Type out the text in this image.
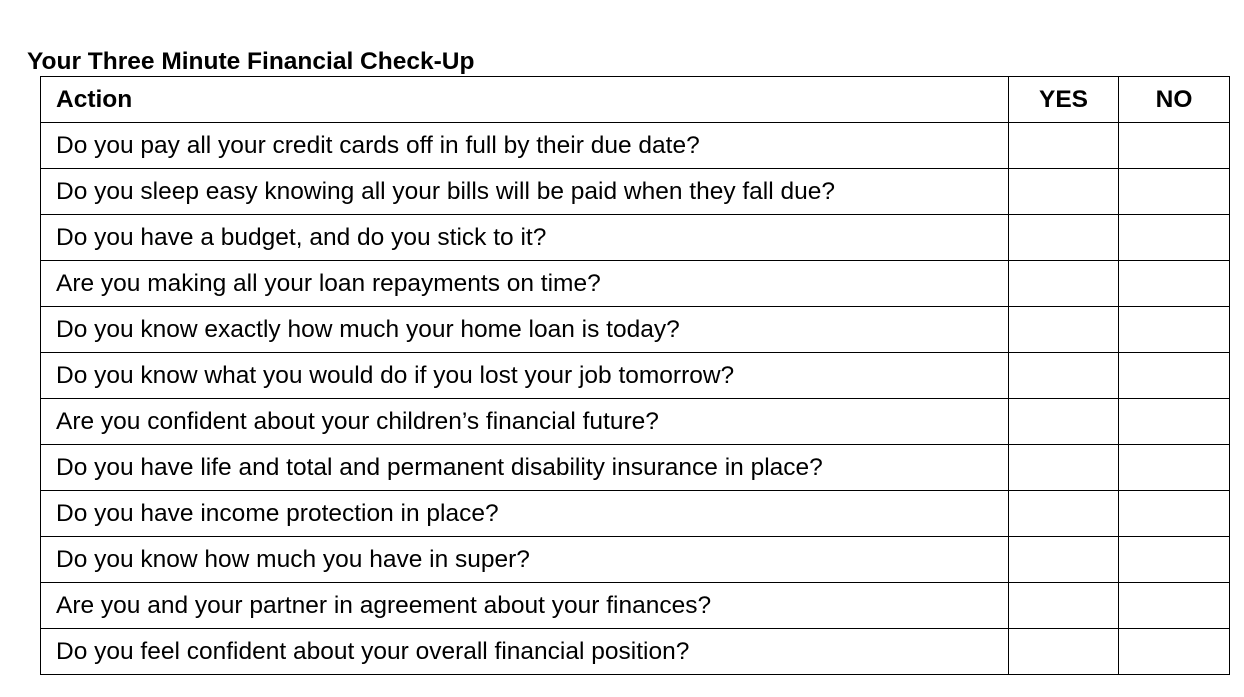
Your Three Minute Financial Check-Up
Action	YES	NO
Do you pay all your credit cards off in full by their due date?		
Do you sleep easy knowing all your bills will be paid when they fall due?		
Do you have a budget, and do you stick to it?		
Are you making all your loan repayments on time?		
Do you know exactly how much your home loan is today?		
Do you know what you would do if you lost your job tomorrow?		
Are you confident about your children’s financial future?		
Do you have life and total and permanent disability insurance in place?		
Do you have income protection in place?		
Do you know how much you have in super?		
Are you and your partner in agreement about your finances?		
Do you feel confident about your overall financial position?		
